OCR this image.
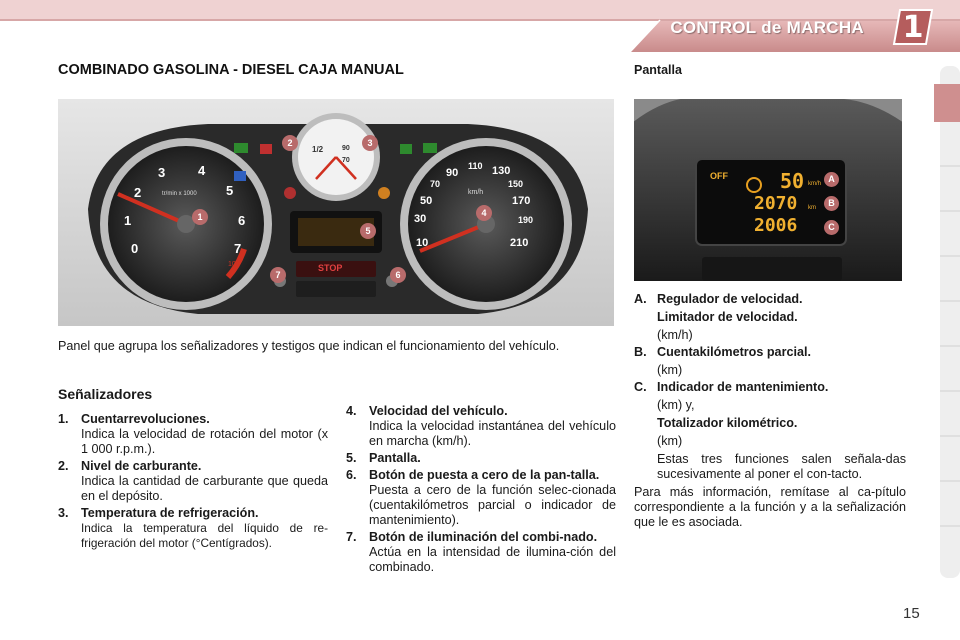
CONTROL de MARCHA	1
COMBINADO GASOLINA - DIESEL CAJA MANUAL	Pantalla
0
1
2
3	4
5
6
7
tr/min x 1000
100
10
30
50
70
90
110 130
150
170
190
210
km/h
1/2	90
70
STOP
1
2	3
4
5
6
7
OFF	50 km/h
2070 km
2006
A
B
C
Panel que agrupa los señalizadores y testigos que indican el funcionamiento del vehículo.
Señalizadores
1. Cuentarrevoluciones.
Indica la velocidad de rotación del motor (x 1 000 r.p.m.).
2. Nivel de carburante.
Indica la cantidad de carburante que queda en el depósito.
3. Temperatura de refrigeración.
Indica la temperatura del líquido de re-frigeración del motor (°Centígrados).
4. Velocidad del vehículo.
Indica la velocidad instantánea del vehículo en marcha (km/h).
5. Pantalla.
6. Botón de puesta a cero de la pan-talla.
Puesta a cero de la función selec-cionada (cuentakilómetros parcial o indicador de mantenimiento).
7. Botón de iluminación del combi-nado.
Actúa en la intensidad de ilumina-ción del combinado.
A. Regulador de velocidad.
Limitador de velocidad.
(km/h)
B. Cuentakilómetros parcial.
(km)
C. Indicador de mantenimiento.
(km) y,
Totalizador kilométrico.
(km)
Estas tres funciones salen señala-das sucesivamente al poner el con-tacto.
Para más información, remítase al ca-pítulo correspondiente a la función y a la señalización que le es asociada.
15
